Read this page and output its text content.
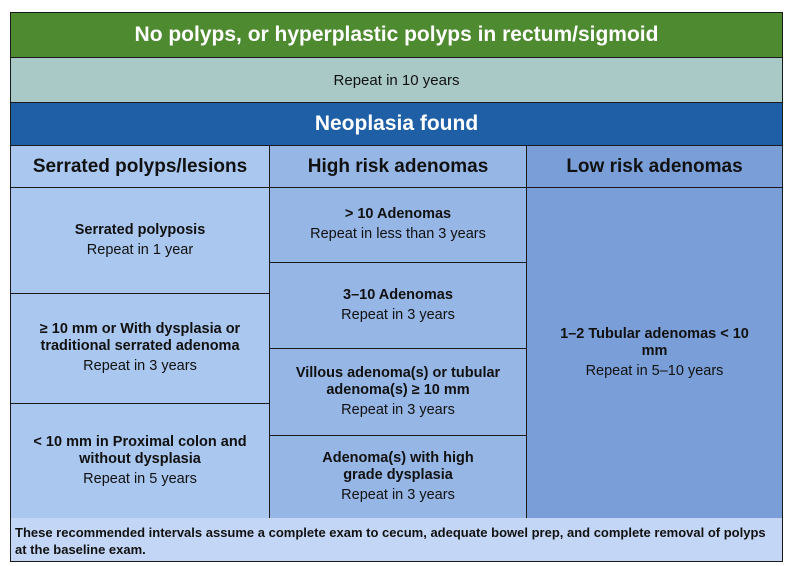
No polyps, or hyperplastic polyps in rectum/sigmoid
Repeat in 10 years
Neoplasia found
Serrated polyps/lesions
Serrated polyposis
Repeat in 1 year
≥ 10 mm or With dysplasia or traditional serrated adenoma
Repeat in 3 years
< 10 mm in Proximal colon and without dysplasia
Repeat in 5 years
High risk adenomas
> 10 Adenomas
Repeat in less than 3 years
3–10 Adenomas
Repeat in 3 years
Villous adenoma(s) or tubular adenoma(s) ≥ 10 mm
Repeat in 3 years
Adenoma(s) with high grade dysplasia
Repeat in 3 years
Low risk adenomas
1–2 Tubular adenomas < 10 mm
Repeat in 5–10 years
These recommended intervals assume a complete exam to cecum, adequate bowel prep, and complete removal of polyps at the baseline exam.
